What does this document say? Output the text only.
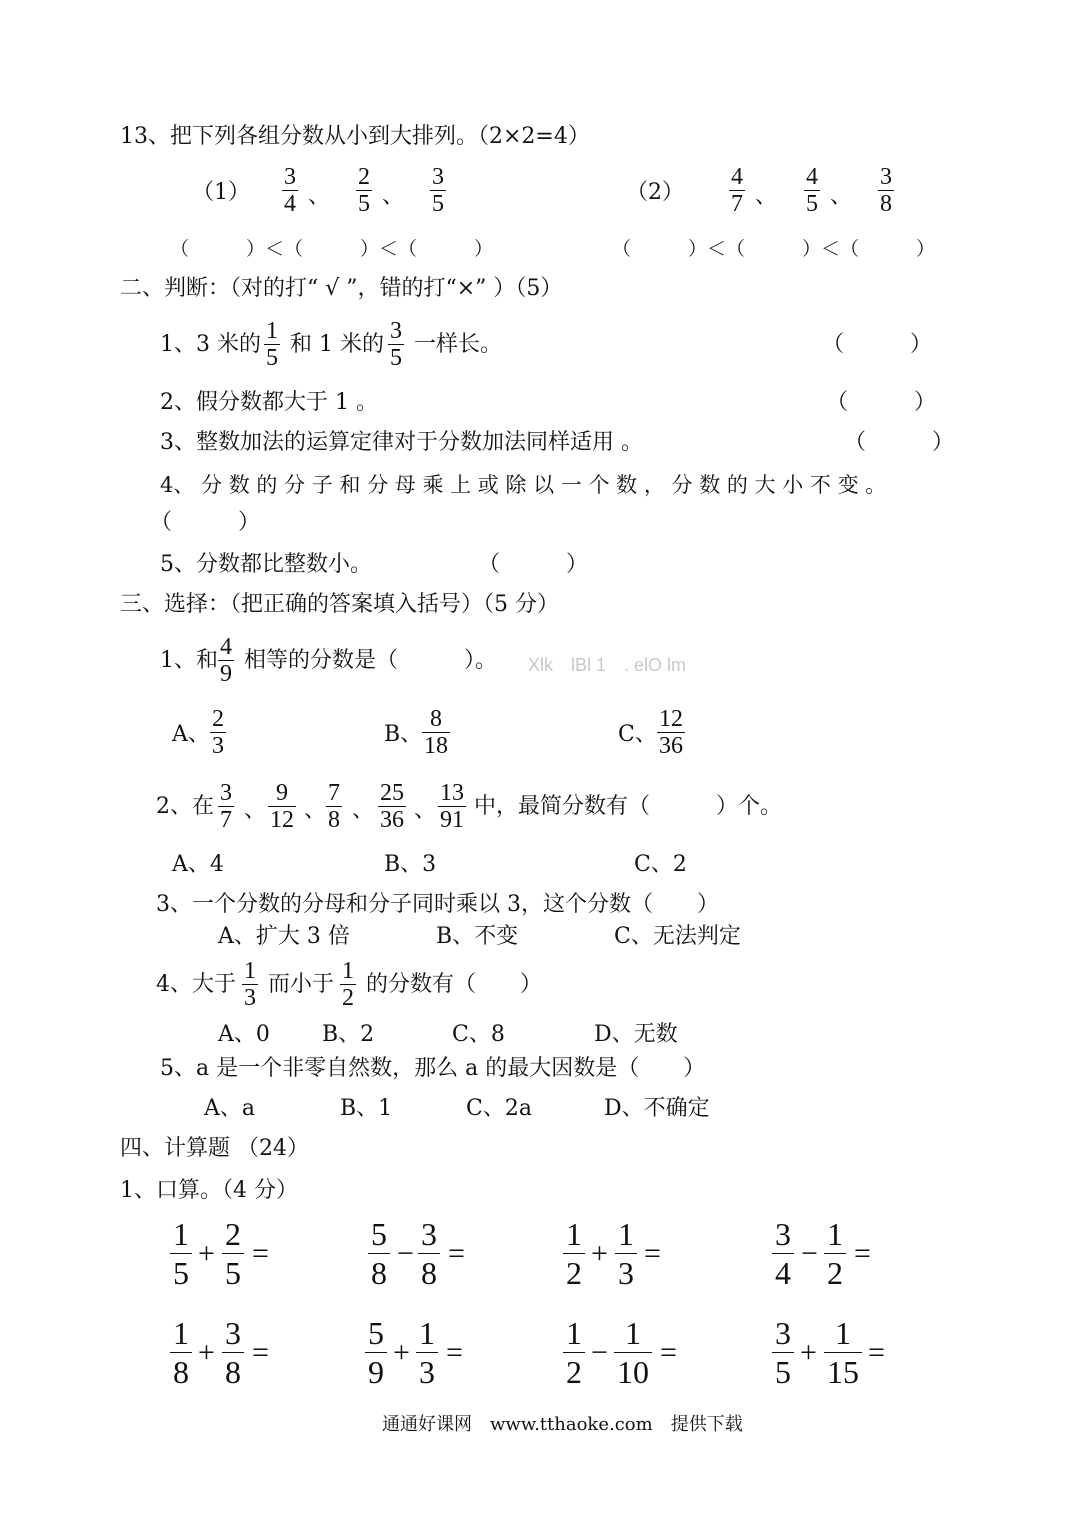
13、把下列各组分数从小到大排列。（2×2=4）
（1）
3
4 、
2
5 、
3
5	（2）
4
7 、
4
5 、
3
8
（　　　）＜（　　　）＜（　　　）	（　　　）＜（　　　）＜（　　　）
二、判断：（对的打“ √ ”，错的打“×” ）（5）
1、3 米的
1
5
和 1 米的
3
5
一样长。	（　　　）
2、假分数都大于 1 。	（　　　）
3、整数加法的运算定律对于分数加法同样适用 。	（　　　）
4、 分 数 的 分 子 和 分 母 乘 上 或 除 以 一 个 数 ， 分 数 的 大 小 不 变 。
（　　　）
5、分数都比整数小。	（　　　）
三、选择：（把正确的答案填入括号）（5 分）
1、和
4
9
相等的分数是（　　　）。 Xlk　lBl 1　. elO lm
A、
2
3	B、
8
18	C、
12
36
2、在
3
7 、
9
12 、
7
8 、
25
36 、
13
91
中，最简分数有（　　　）个。
A、4	B、3	C、2
3、一个分数的分母和分子同时乘以 3，这个分数（　　）
A、扩大 3 倍	B、不变	C、无法判定
4、大于
1
3
而小于
1
2
的分数有（　　）
A、0 B、2	C、8	D、无数
5、a 是一个非零自然数，那么 a 的最大因数是（　　）
A、a	B、1	C、2a	D、不确定
四、计算题 （24）
1、口算。（4 分）
1
5
+
2
5
=
5
8
−
3
8
=
1
2
+
1
3
=
3
4
−
1
2
=
1
8
+
3
8
=
5
9
+
1
3
=
1
2
−
1
10
=
3
5
+
1
15
=
通通好课网　www.tthaoke.com　提供下载
